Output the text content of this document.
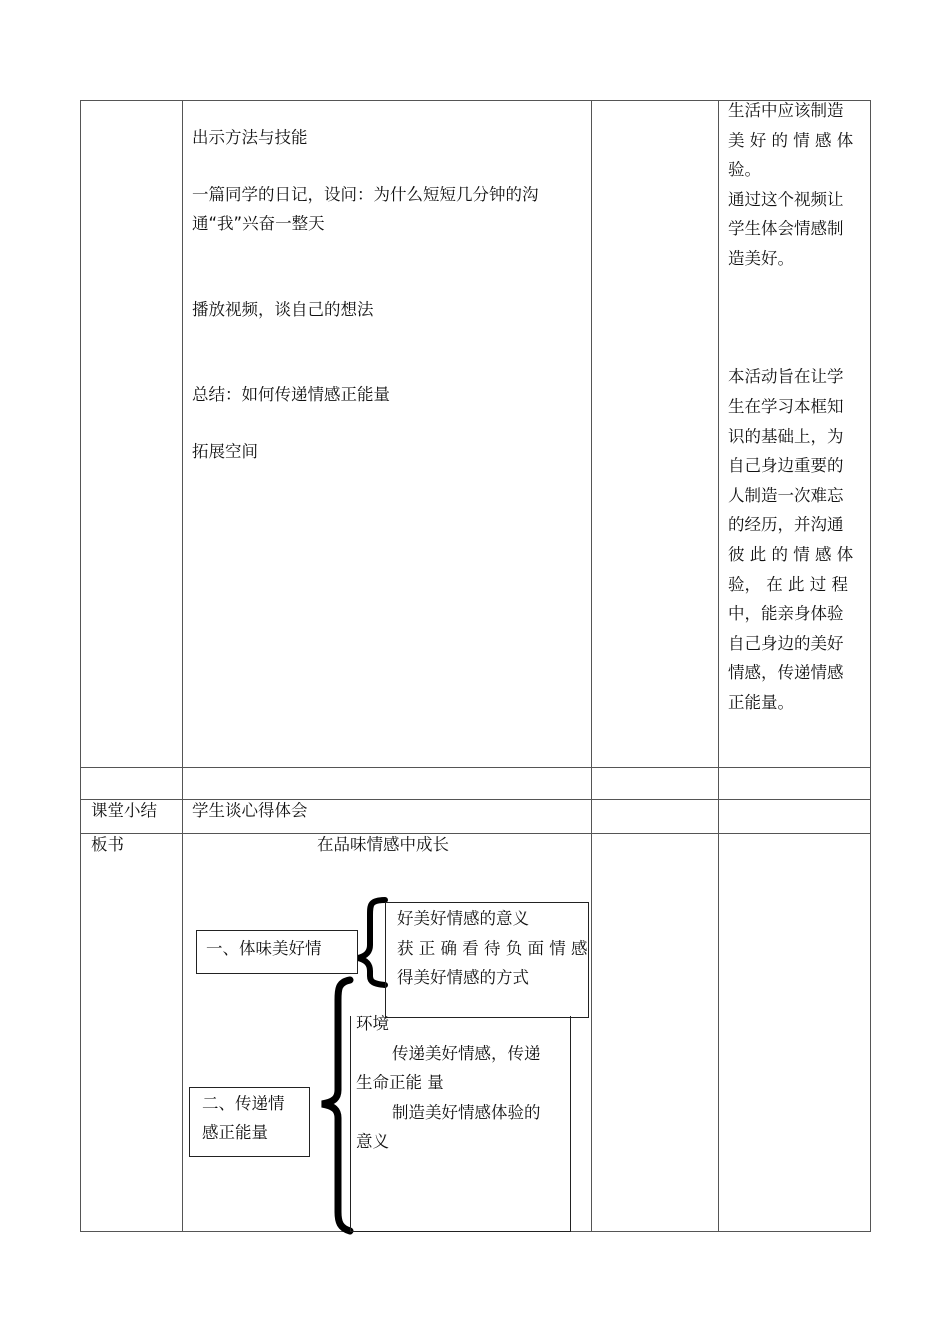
出示方法与技能
一篇同学的日记，设问：为什么短短几分钟的沟
通“我”兴奋一整天
播放视频，谈自己的想法
总结：如何传递情感正能量
拓展空间
生活中应该制造
美 好 的 情 感 体
验。
通过这个视频让
学生体会情感制
造美好。
本活动旨在让学
生在学习本框知
识的基础上，为
自己身边重要的
人制造一次难忘
的经历，并沟通
彼 此 的 情 感 体
验， 在 此 过 程
中，能亲身体验
自己身边的美好
情感，传递情感
正能量。
课堂小结 学生谈心得体会
板书	在品味情感中成长
一、体味美好情
好美好情感的意义
获 正 确 看 待 负 面 情 感
得美好情感的方式
二、传递情
感正能量
环境
传递美好情感，传递
生命正能 量
制造美好情感体验的
意义
